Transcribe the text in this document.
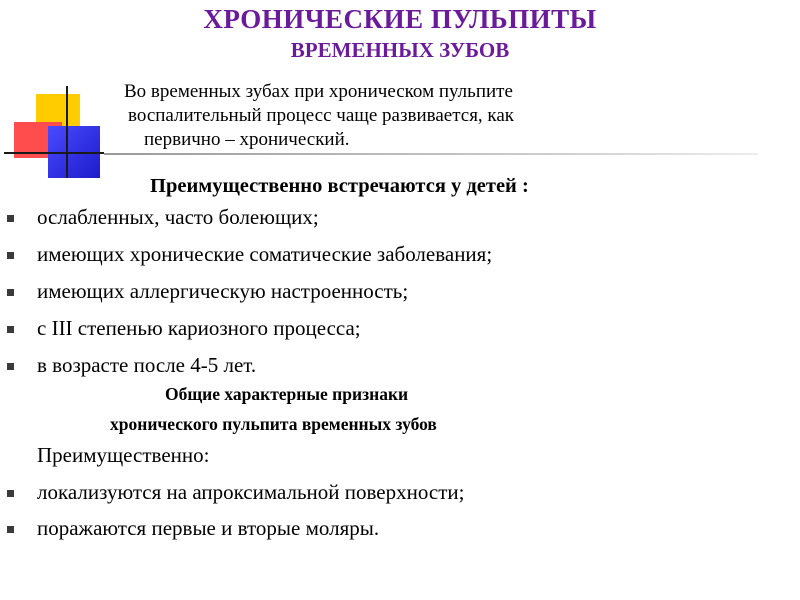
ХРОНИЧЕСКИЕ ПУЛЬПИТЫ
ВРЕМЕННЫХ ЗУБОВ
Во временных зубах при хроническом пульпите
воспалительный процесс чаще развивается, как
первично – хронический.
Преимущественно встречаются у детей :
ослабленных, часто болеющих;
имеющих хронические соматические заболевания;
имеющих аллергическую настроенность;
с III степенью кариозного процесса;
в возрасте после 4-5 лет.
Общие характерные признаки
хронического пульпита временных зубов
Преимущественно:
локализуются на апроксимальной поверхности;
поражаются первые и вторые моляры.
